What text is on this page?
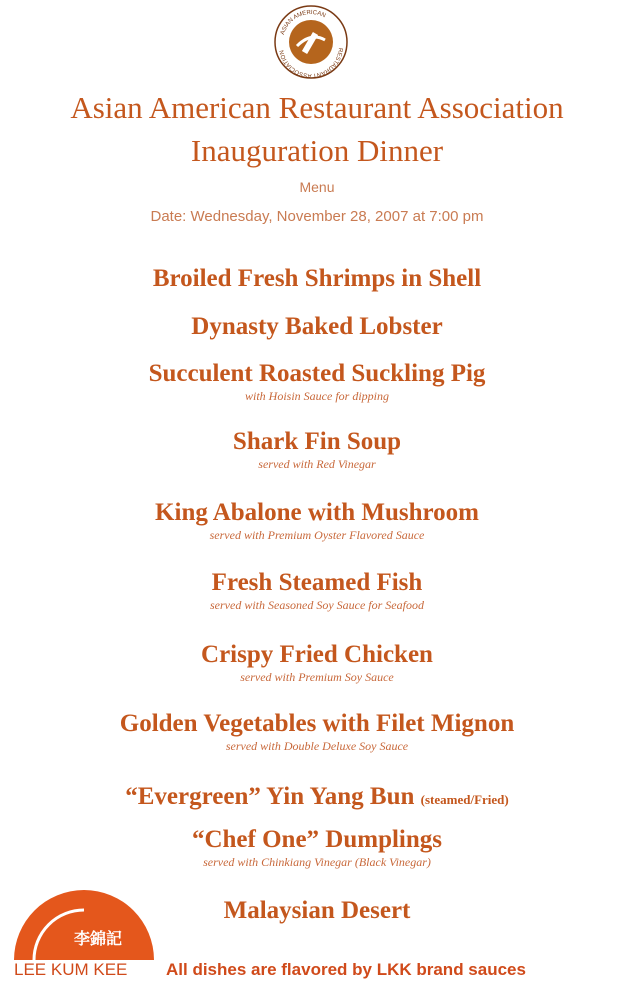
ASIAN AMERICAN
RESTAURANT ASSOCIATION
Asian American Restaurant Association
Inauguration Dinner
Menu
Date: Wednesday, November 28, 2007 at 7:00 pm
Broiled Fresh Shrimps in Shell
Dynasty Baked Lobster
Succulent Roasted Suckling Pig
with Hoisin Sauce for dipping
Shark Fin Soup
served with Red Vinegar
King Abalone with Mushroom
served with Premium Oyster Flavored Sauce
Fresh Steamed Fish
served with Seasoned Soy Sauce for Seafood
Crispy Fried Chicken
served with Premium Soy Sauce
Golden Vegetables with Filet Mignon
served with Double Deluxe Soy Sauce
“Evergreen” Yin Yang Bun (steamed/Fried)
“Chef One” Dumplings
served with Chinkiang Vinegar (Black Vinegar)
Malaysian Desert
李錦記
LEE KUM KEE All dishes are flavored by LKK brand sauces
